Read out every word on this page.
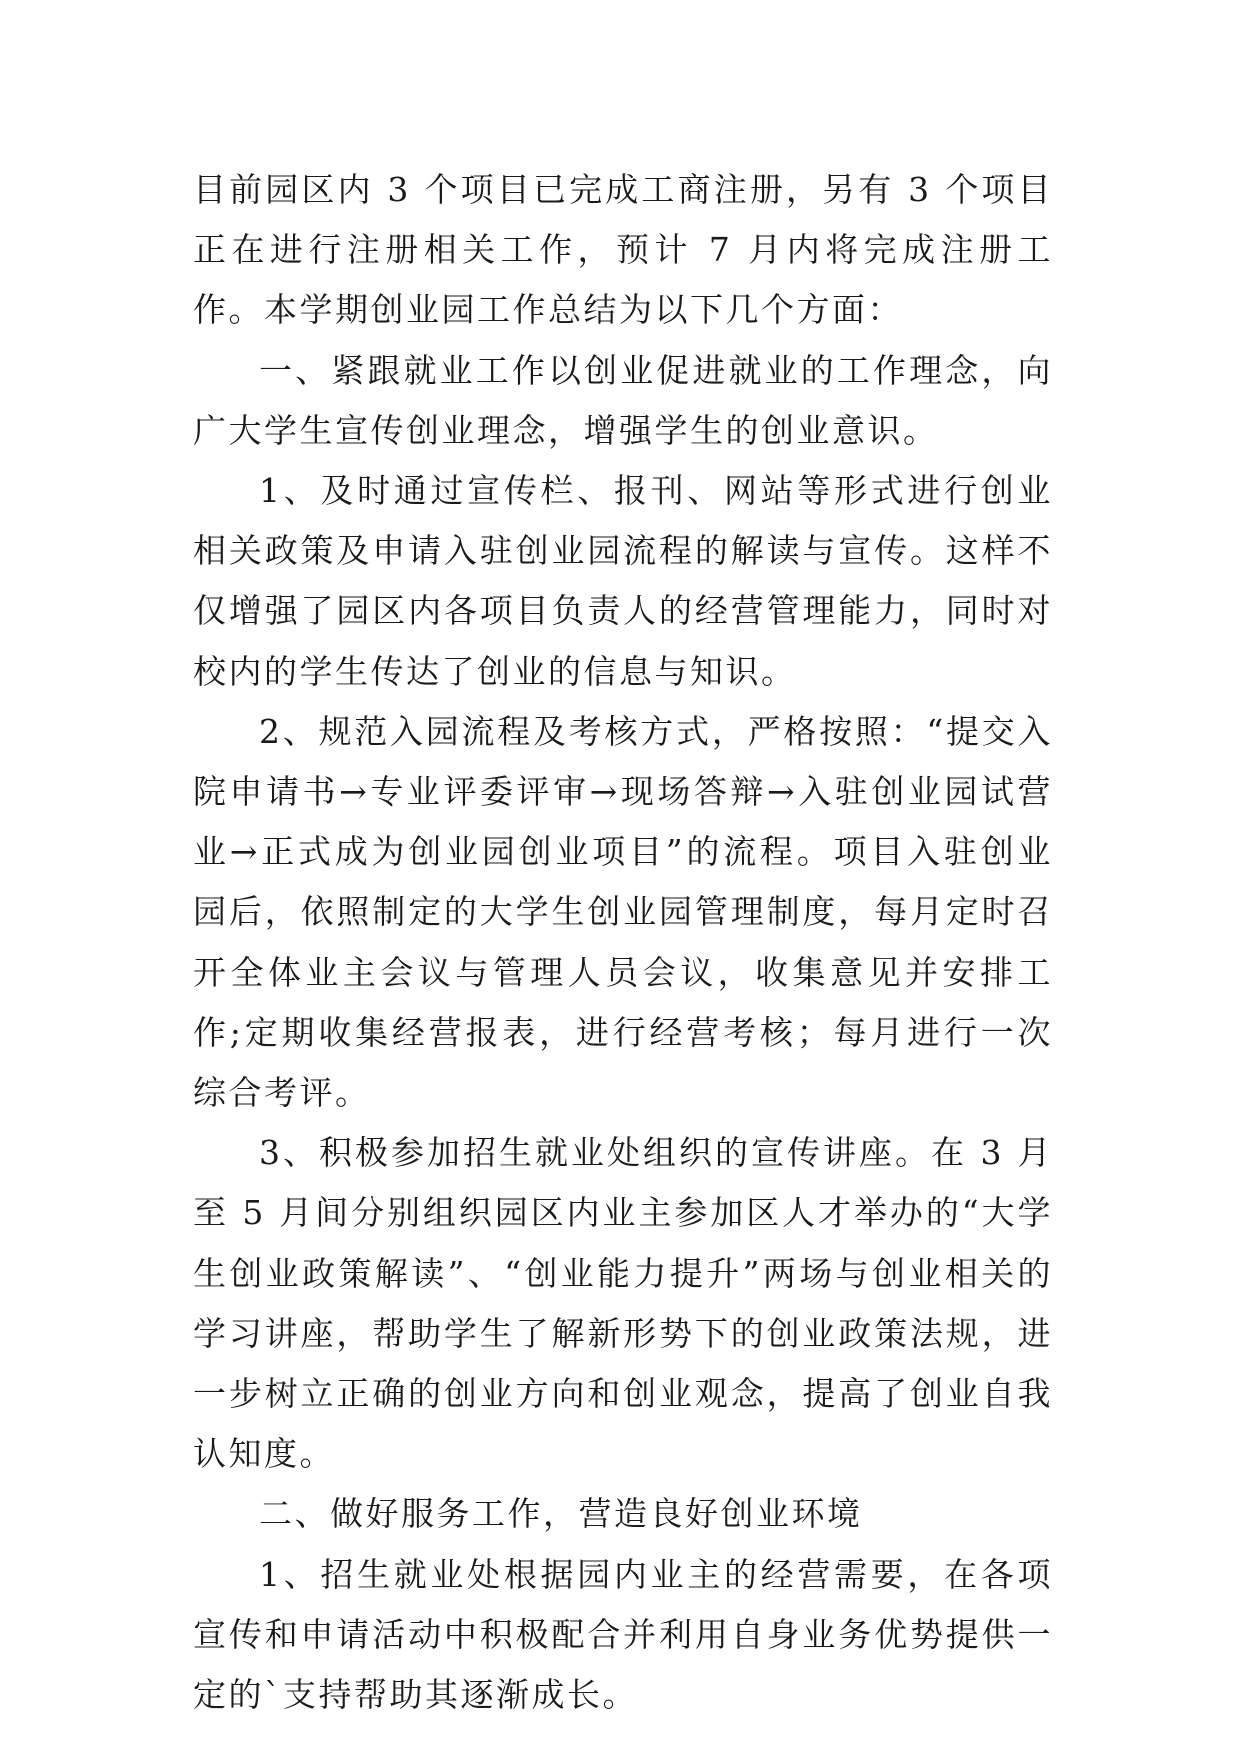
目前园区内 3 个项目已完成工商注册，另有 3 个项目正在进行注册相关工作，预计 7 月内将完成注册工作。本学期创业园工作总结为以下几个方面：

一、紧跟就业工作以创业促进就业的工作理念，向广大学生宣传创业理念，增强学生的创业意识。

1、及时通过宣传栏、报刊、网站等形式进行创业相关政策及申请入驻创业园流程的解读与宣传。这样不仅增强了园区内各项目负责人的经营管理能力，同时对校内的学生传达了创业的信息与知识。

2、规范入园流程及考核方式，严格按照：“提交入院申请书→专业评委评审→现场答辩→入驻创业园试营业→正式成为创业园创业项目”的流程。项目入驻创业园后，依照制定的大学生创业园管理制度，每月定时召开全体业主会议与管理人员会议，收集意见并安排工作;定期收集经营报表，进行经营考核；每月进行一次综合考评。

3、积极参加招生就业处组织的宣传讲座。在 3 月至 5 月间分别组织园区内业主参加区人才举办的“大学生创业政策解读”、“创业能力提升”两场与创业相关的学习讲座，帮助学生了解新形势下的创业政策法规，进一步树立正确的创业方向和创业观念，提高了创业自我认知度。

二、做好服务工作，营造良好创业环境

1、招生就业处根据园内业主的经营需要，在各项宣传和申请活动中积极配合并利用自身业务优势提供一定的`支持帮助其逐渐成长。
